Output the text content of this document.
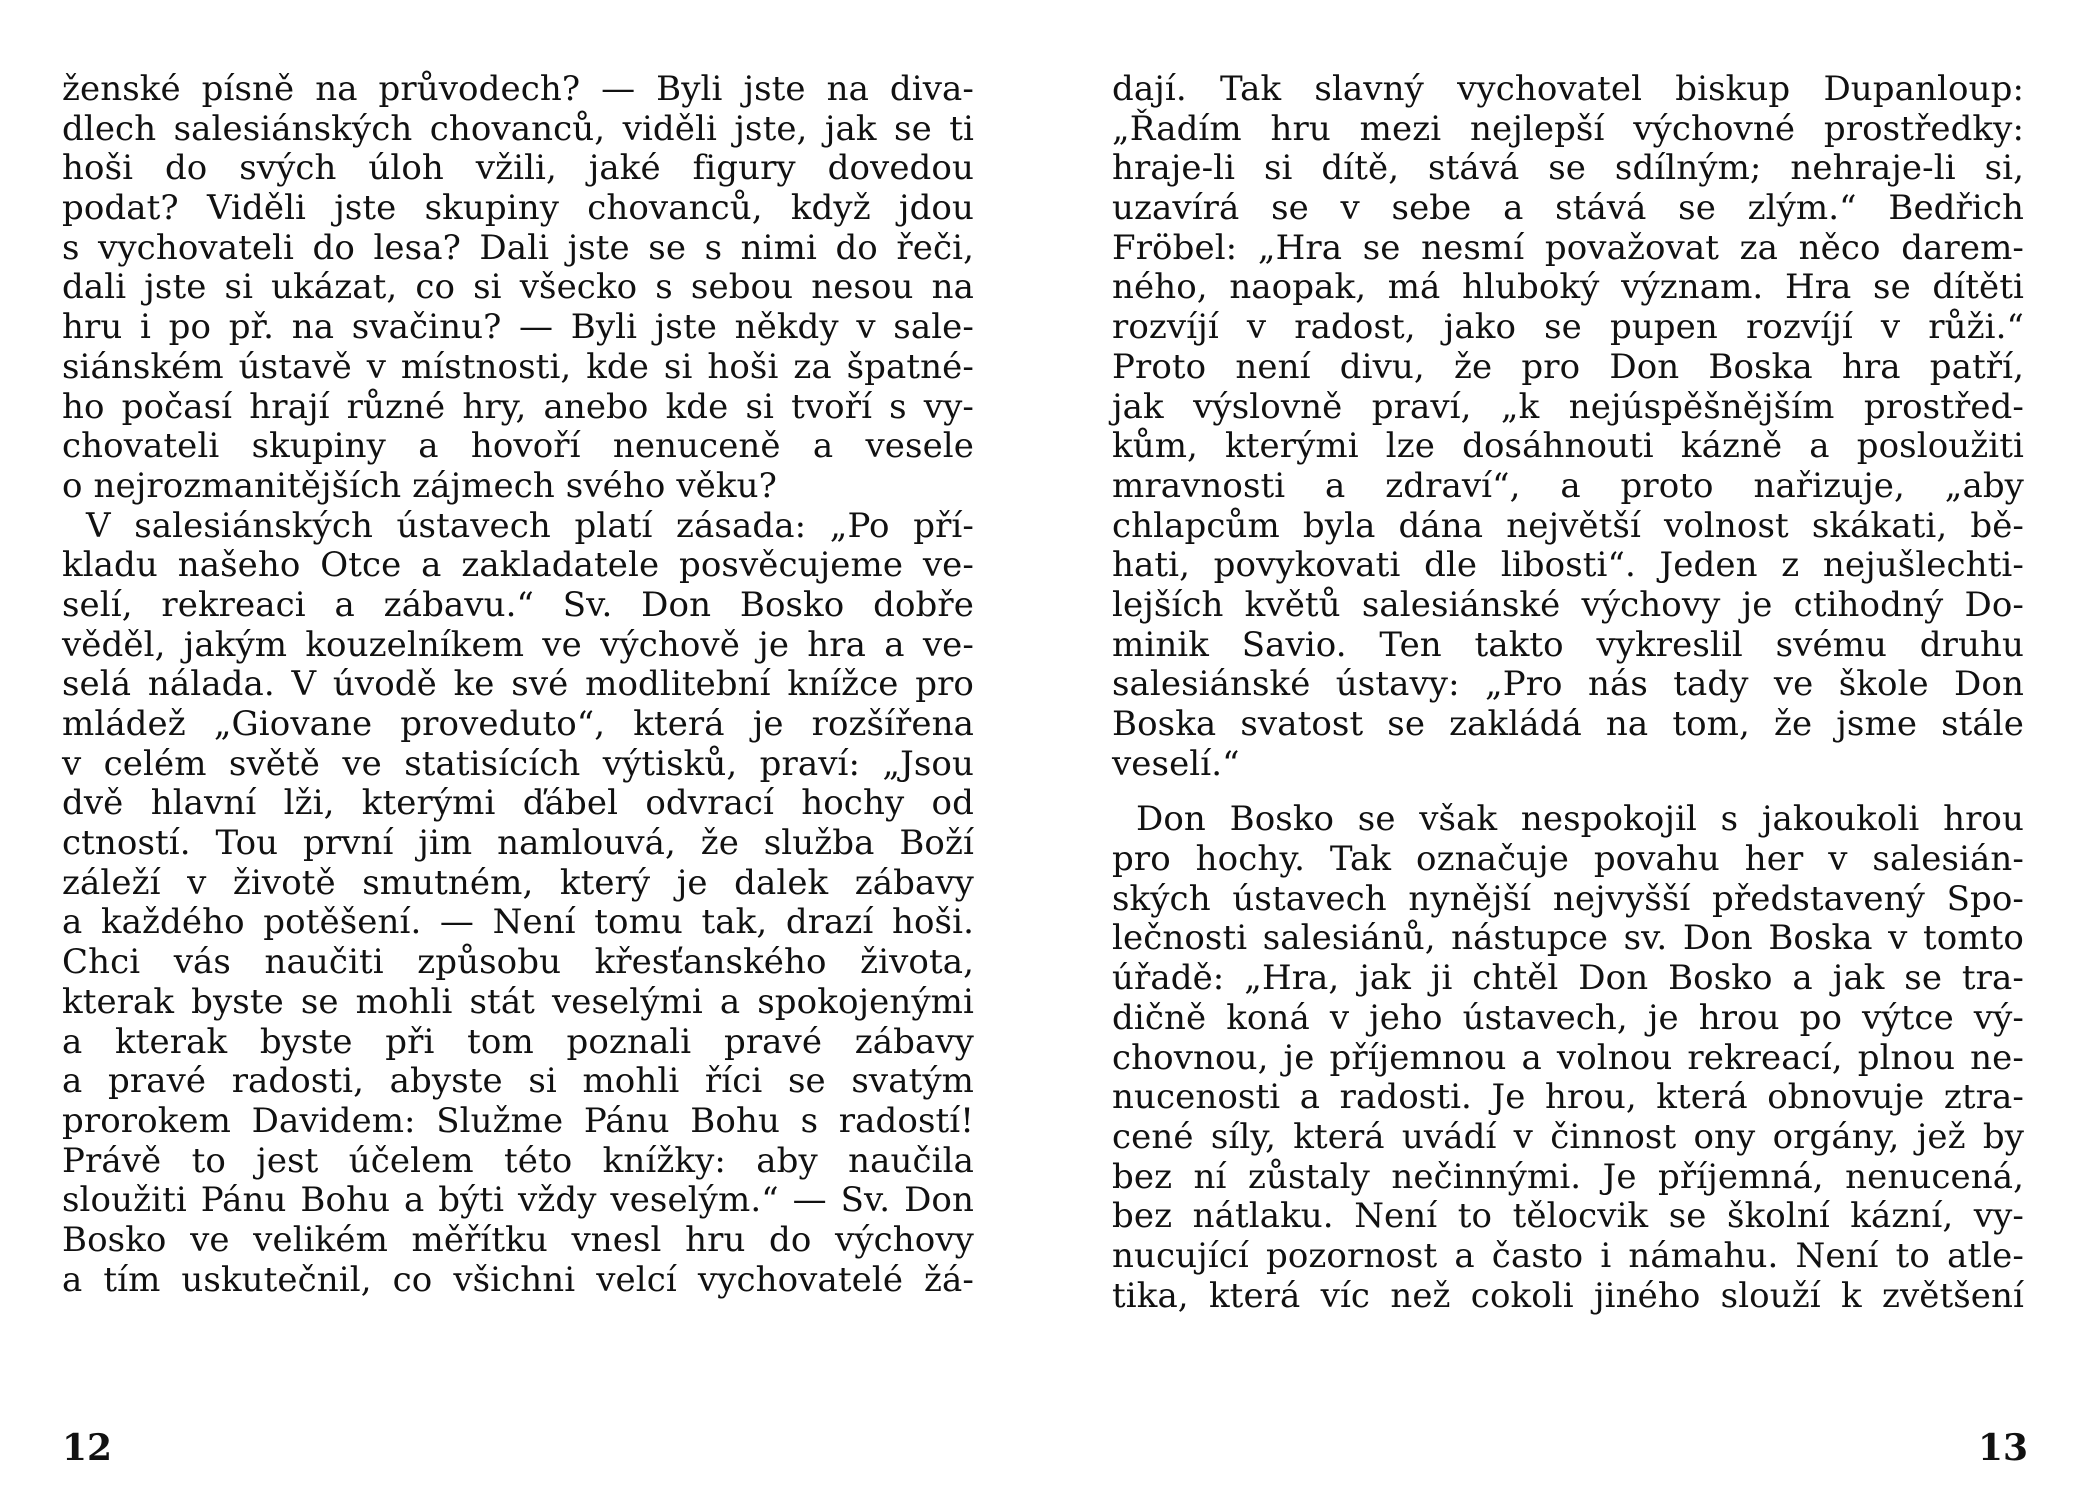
ženské písně na průvodech? — Byli jste na diva-
dlech salesiánských chovanců, viděli jste, jak se ti
hoši do svých úloh vžili, jaké figury dovedou
podat? Viděli jste skupiny chovanců, když jdou
s vychovateli do lesa? Dali jste se s nimi do řeči,
dali jste si ukázat, co si všecko s sebou nesou na
hru i po př. na svačinu? — Byli jste někdy v sale-
siánském ústavě v místnosti, kde si hoši za špatné-
ho počasí hrají různé hry, anebo kde si tvoří s vy-
chovateli skupiny a hovoří nenuceně a vesele
o nejrozmanitějších zájmech svého věku?
V salesiánských ústavech platí zásada: „Po pří-
kladu našeho Otce a zakladatele posvěcujeme ve-
selí, rekreaci a zábavu.“ Sv. Don Bosko dobře
věděl, jakým kouzelníkem ve výchově je hra a ve-
selá nálada. V úvodě ke své modlitební knížce pro
mládež „Giovane proveduto“, která je rozšířena
v celém světě ve statisících výtisků, praví: „Jsou
dvě hlavní lži, kterými ďábel odvrací hochy od
ctností. Tou první jim namlouvá, že služba Boží
záleží v životě smutném, který je dalek zábavy
a každého potěšení. — Není tomu tak, drazí hoši.
Chci vás naučiti způsobu křesťanského života,
kterak byste se mohli stát veselými a spokojenými
a kterak byste při tom poznali pravé zábavy
a pravé radosti, abyste si mohli říci se svatým
prorokem Davidem: Služme Pánu Bohu s radostí!
Právě to jest účelem této knížky: aby naučila
sloužiti Pánu Bohu a býti vždy veselým.“ — Sv. Don
Bosko ve velikém měřítku vnesl hru do výchovy
a tím uskutečnil, co všichni velcí vychovatelé žá-
dají. Tak slavný vychovatel biskup Dupanloup:
„Řadím hru mezi nejlepší výchovné prostředky:
hraje-li si dítě, stává se sdílným; nehraje-li si,
uzavírá se v sebe a stává se zlým.“ Bedřich
Fröbel: „Hra se nesmí považovat za něco darem-
ného, naopak, má hluboký význam. Hra se dítěti
rozvíjí v radost, jako se pupen rozvíjí v růži.“
Proto není divu, že pro Don Boska hra patří,
jak výslovně praví, „k nejúspěšnějším prostřed-
kům, kterými lze dosáhnouti kázně a posloužiti
mravnosti a zdraví“, a proto nařizuje, „aby
chlapcům byla dána největší volnost skákati, bě-
hati, povykovati dle libosti“. Jeden z nejušlechti-
lejších květů salesiánské výchovy je ctihodný Do-
minik Savio. Ten takto vykreslil svému druhu
salesiánské ústavy: „Pro nás tady ve škole Don
Boska svatost se zakládá na tom, že jsme stále
veselí.“
Don Bosko se však nespokojil s jakoukoli hrou
pro hochy. Tak označuje povahu her v salesián-
ských ústavech nynější nejvyšší představený Spo-
lečnosti salesiánů, nástupce sv. Don Boska v tomto
úřadě: „Hra, jak ji chtěl Don Bosko a jak se tra-
dičně koná v jeho ústavech, je hrou po výtce vý-
chovnou, je příjemnou a volnou rekreací, plnou ne-
nucenosti a radosti. Je hrou, která obnovuje ztra-
cené síly, která uvádí v činnost ony orgány, jež by
bez ní zůstaly nečinnými. Je příjemná, nenucená,
bez nátlaku. Není to tělocvik se školní kázní, vy-
nucující pozornost a často i námahu. Není to atle-
tika, která víc než cokoli jiného slouží k zvětšení
12	13
